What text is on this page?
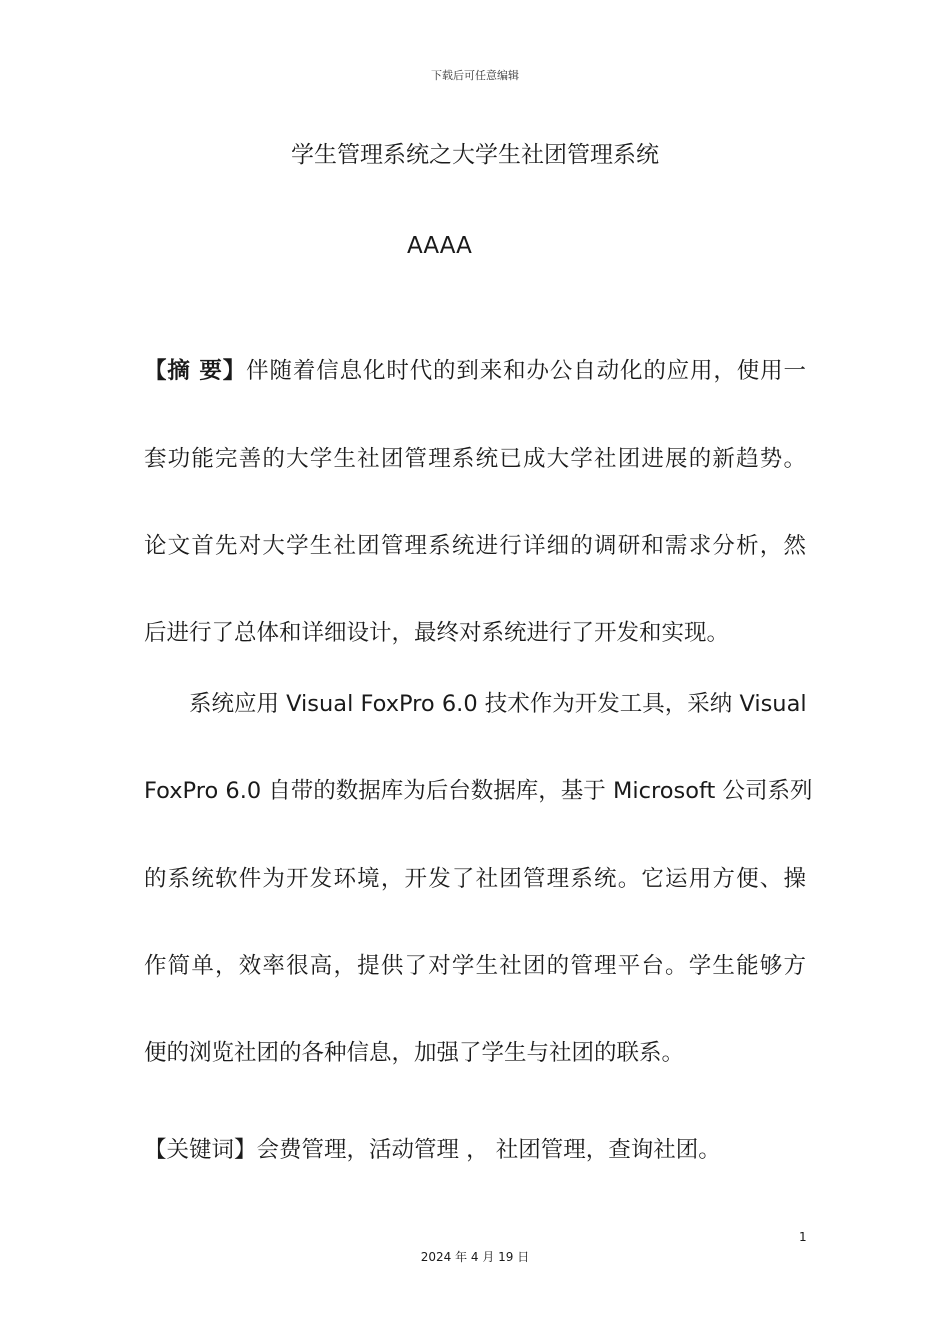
下载后可任意编辑
学生管理系统之大学生社团管理系统
AAAA
【摘 要】伴随着信息化时代的到来和办公自动化的应用，使用一
套功能完善的大学生社团管理系统已成大学社团进展的新趋势。
论文首先对大学生社团管理系统进行详细的调研和需求分析，然
后进行了总体和详细设计，最终对系统进行了开发和实现。
系统应用 Visual FoxPro 6.0 技术作为开发工具，采纳 Visual
FoxPro 6.0 自带的数据库为后台数据库，基于 Microsoft 公司系列
的系统软件为开发环境，开发了社团管理系统。它运用方便、操
作简单，效率很高，提供了对学生社团的管理平台。学生能够方
便的浏览社团的各种信息，加强了学生与社团的联系。
【关键词】会费管理，活动管理 ， 社团管理，查询社团。
1
2024 年 4 月 19 日
